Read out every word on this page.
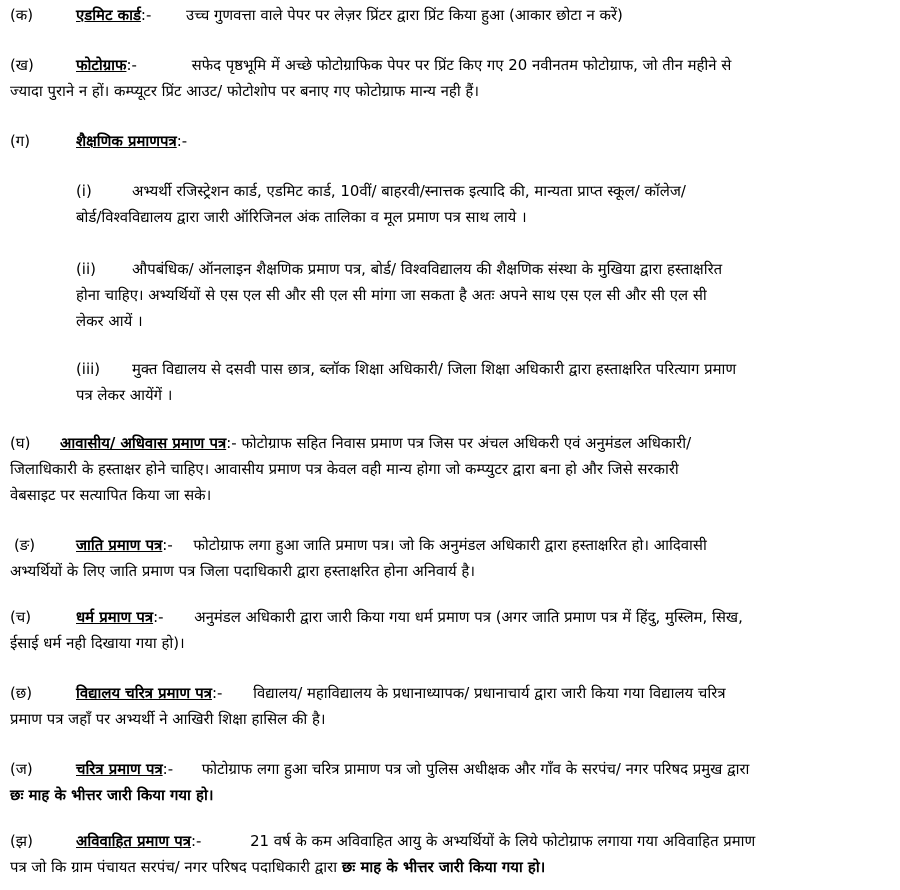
(क)	एडमिट कार्ड:- उच्च गुणवत्ता वाले पेपर पर लेज़र प्रिंटर द्वारा प्रिंट किया हुआ (आकार छोटा न करें)
(ख)	फोटोग्राफ:-	सफेद पृष्ठभूमि में अच्छे फोटोग्राफिक पेपर पर प्रिंट किए गए 20 नवीनतम फोटोग्राफ, जो तीन महीने से
ज्यादा पुराने न हों। कम्प्यूटर प्रिंट आउट/ फोटोशोप पर बनाए गए फोटोग्राफ मान्य नही हैं।
(ग)	शैक्षणिक प्रमाणपत्र:-
(i)	अभ्यर्थी रजिस्ट्रेशन कार्ड, एडमिट कार्ड, 10वीं/ बाहरवी/स्नात्तक इत्यादि की, मान्यता प्राप्त स्कूल/ कॉलेज/
बोर्ड/विश्वविद्यालय द्वारा जारी ऑरिजिनल अंक तालिका व मूल प्रमाण पत्र साथ लाये ।
(ii) औपबंधिक/ ऑनलाइन शैक्षणिक प्रमाण पत्र, बोर्ड/ विश्वविद्यालय की शैक्षणिक संस्था के मुखिया द्वारा हस्ताक्षरित
होना चाहिए। अभ्यर्थियों से एस एल सी और सी एल सी मांगा जा सकता है अतः अपने साथ एस एल सी और सी एल सी
लेकर आयें ।
(iii) मुक्त विद्यालय से दसवी पास छात्र, ब्लॉक शिक्षा अधिकारी/ जिला शिक्षा अधिकारी द्वारा हस्ताक्षरित परित्याग प्रमाण
पत्र लेकर आयेंगें ।
(घ) आवासीय/ अधिवास प्रमाण पत्र:- फोटोग्राफ सहित निवास प्रमाण पत्र जिस पर अंचल अधिकरी एवं अनुमंडल अधिकारी/
जिलाधिकारी के हस्ताक्षर होने चाहिए। आवासीय प्रमाण पत्र केवल वही मान्य होगा जो कम्प्युटर द्वारा बना हो और जिसे सरकारी
वेबसाइट पर सत्यापित किया जा सके।
(ङ)	जाति प्रमाण पत्र:- फोटोग्राफ लगा हुआ जाति प्रमाण पत्र। जो कि अनुमंडल अधिकारी द्वारा हस्ताक्षरित हो। आदिवासी
अभ्यर्थियों के लिए जाति प्रमाण पत्र जिला पदाधिकारी द्वारा हस्ताक्षरित होना अनिवार्य है।
(च)	धर्म प्रमाण पत्र:- अनुमंडल अधिकारी द्वारा जारी किया गया धर्म प्रमाण पत्र (अगर जाति प्रमाण पत्र में हिंदु, मुस्लिम, सिख,
ईसाई धर्म नही दिखाया गया हो)।
(छ)	विद्यालय चरित्र प्रमाण पत्र:- विद्यालय/ महाविद्यालय के प्रधानाध्यापक/ प्रधानाचार्य द्वारा जारी किया गया विद्यालय चरित्र
प्रमाण पत्र जहाँ पर अभ्यर्थी ने आखिरी शिक्षा हासिल की है।
(ज)	चरित्र प्रमाण पत्र:- फोटोग्राफ लगा हुआ चरित्र प्रामाण पत्र जो पुलिस अधीक्षक और गाँव के सरपंच/ नगर परिषद प्रमुख द्वारा
छः माह के भीत्तर जारी किया गया हो।
(झ)	अविवाहित प्रमाण पत्र:-	21 वर्ष के कम अविवाहित आयु के अभ्यर्थियों के लिये फोटोग्राफ लगाया गया अविवाहित प्रमाण
पत्र जो कि ग्राम पंचायत सरपंच/ नगर परिषद पदाधिकारी द्वारा छः माह के भीत्तर जारी किया गया हो।
